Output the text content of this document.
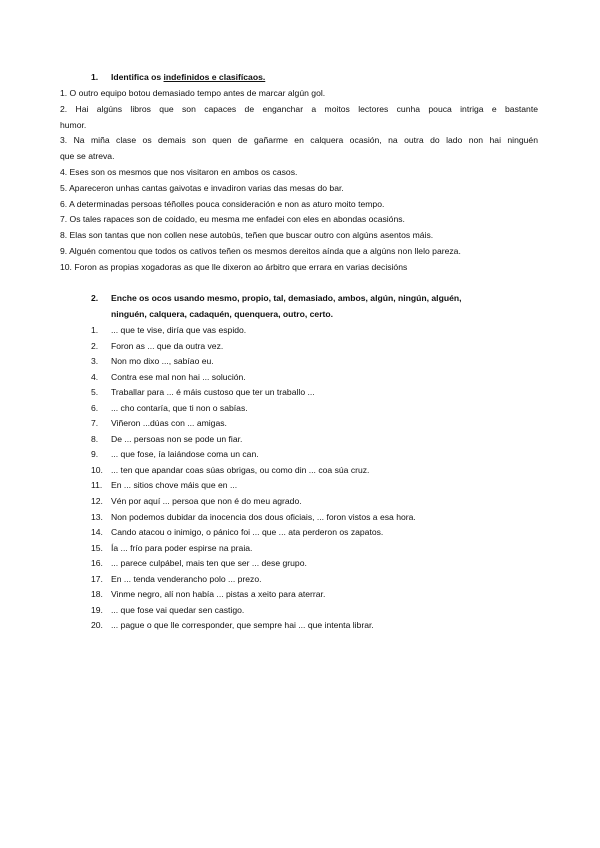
1. Identifica os indefinidos e clasifícaos.
1. O outro equipo botou demasiado tempo antes de marcar algún gol.
2. Hai algúns libros que son capaces de enganchar a moitos lectores cunha pouca intriga e bastante
humor.
3. Na miña clase os demais son quen de gañarme en calquera ocasión, na outra do lado non hai ninguén
que se atreva.
4. Eses son os mesmos que nos visitaron en ambos os casos.
5. Apareceron unhas cantas gaivotas e invadiron varias das mesas do bar.
6. A determinadas persoas téñolles pouca consideración e non as aturo moito tempo.
7. Os tales rapaces son de coidado, eu mesma me enfadei con eles en abondas ocasións.
8. Elas son tantas que non collen nese autobús, teñen que buscar outro con algúns asentos máis.
9. Alguén comentou que todos os cativos teñen os mesmos dereitos aínda que a algúns non llelo pareza.
10. Foron as propias xogadoras as que lle dixeron ao árbitro que errara en varias decisións
2. Enche os ocos usando mesmo, propio, tal, demasiado, ambos, algún, ningún, alguén,
ninguén, calquera, cadaquén, quenquera, outro, certo.
1. ... que te vise, diría que vas espido.
2. Foron as ... que da outra vez.
3. Non mo dixo ..., sabíao eu.
4. Contra ese mal non hai ... solución.
5. Traballar para ... é máis custoso que ter un traballo ...
6. ... cho contaría, que ti non o sabías.
7. Viñeron ...dúas con ... amigas.
8. De ... persoas non se pode un fiar.
9. ... que fose, ía laiándose coma un can.
10. ... ten que apandar coas súas obrigas, ou como din ... coa súa cruz.
11. En ... sitios chove máis que en ...
12. Vén por aquí ... persoa que non é do meu agrado.
13. Non podemos dubidar da inocencia dos dous oficiais, ... foron vistos a esa hora.
14. Cando atacou o inimigo, o pánico foi ... que ... ata perderon os zapatos.
15. Ía ... frío para poder espirse na praia.
16. ... parece culpábel, mais ten que ser ... dese grupo.
17. En ... tenda venderancho polo ... prezo.
18. Vinme negro, alí non había ... pistas a xeito para aterrar.
19. ... que fose vai quedar sen castigo.
20. ... pague o que lle corresponder, que sempre hai ... que intenta librar.
